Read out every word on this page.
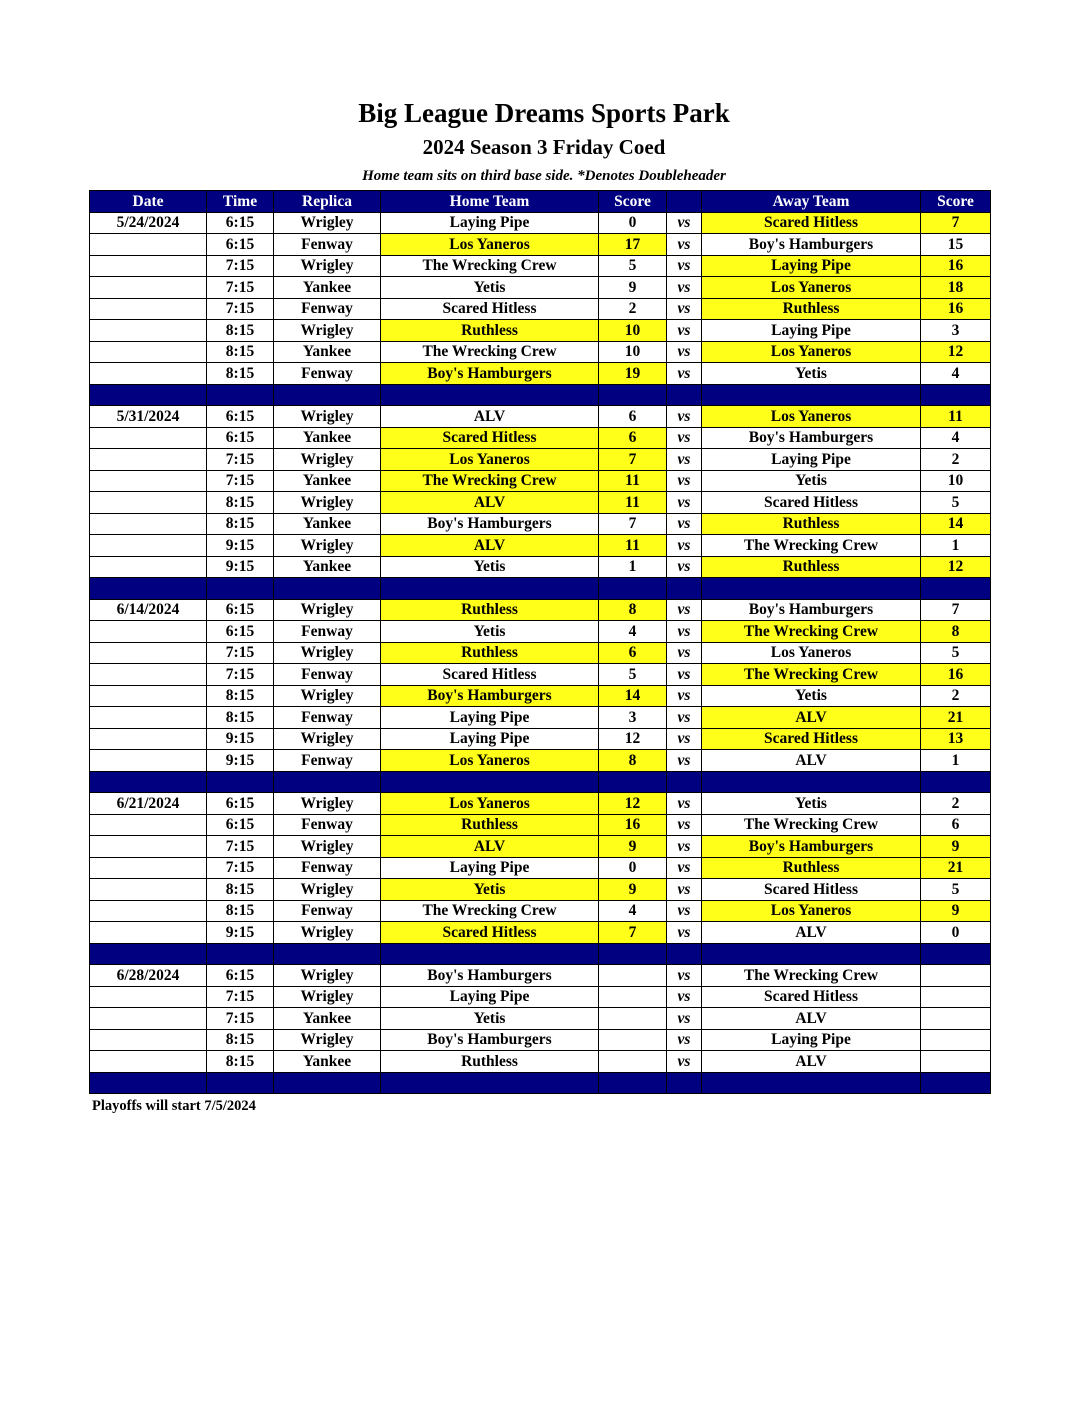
Big League Dreams Sports Park
2024 Season 3 Friday Coed
Home team sits on third base side. *Denotes Doubleheader
Date	Time	Replica	Home Team	Score		Away Team	Score
5/24/2024	6:15	Wrigley	Laying Pipe	0	vs	Scared Hitless	7
	6:15	Fenway	Los Yaneros	17	vs	Boy's Hamburgers	15
	7:15	Wrigley	The Wrecking Crew	5	vs	Laying Pipe	16
	7:15	Yankee	Yetis	9	vs	Los Yaneros	18
	7:15	Fenway	Scared Hitless	2	vs	Ruthless	16
	8:15	Wrigley	Ruthless	10	vs	Laying Pipe	3
	8:15	Yankee	The Wrecking Crew	10	vs	Los Yaneros	12
	8:15	Fenway	Boy's Hamburgers	19	vs	Yetis	4

5/31/2024	6:15	Wrigley	ALV	6	vs	Los Yaneros	11
	6:15	Yankee	Scared Hitless	6	vs	Boy's Hamburgers	4
	7:15	Wrigley	Los Yaneros	7	vs	Laying Pipe	2
	7:15	Yankee	The Wrecking Crew	11	vs	Yetis	10
	8:15	Wrigley	ALV	11	vs	Scared Hitless	5
	8:15	Yankee	Boy's Hamburgers	7	vs	Ruthless	14
	9:15	Wrigley	ALV	11	vs	The Wrecking Crew	1
	9:15	Yankee	Yetis	1	vs	Ruthless	12

6/14/2024	6:15	Wrigley	Ruthless	8	vs	Boy's Hamburgers	7
	6:15	Fenway	Yetis	4	vs	The Wrecking Crew	8
	7:15	Wrigley	Ruthless	6	vs	Los Yaneros	5
	7:15	Fenway	Scared Hitless	5	vs	The Wrecking Crew	16
	8:15	Wrigley	Boy's Hamburgers	14	vs	Yetis	2
	8:15	Fenway	Laying Pipe	3	vs	ALV	21
	9:15	Wrigley	Laying Pipe	12	vs	Scared Hitless	13
	9:15	Fenway	Los Yaneros	8	vs	ALV	1

6/21/2024	6:15	Wrigley	Los Yaneros	12	vs	Yetis	2
	6:15	Fenway	Ruthless	16	vs	The Wrecking Crew	6
	7:15	Wrigley	ALV	9	vs	Boy's Hamburgers	9
	7:15	Fenway	Laying Pipe	0	vs	Ruthless	21
	8:15	Wrigley	Yetis	9	vs	Scared Hitless	5
	8:15	Fenway	The Wrecking Crew	4	vs	Los Yaneros	9
	9:15	Wrigley	Scared Hitless	7	vs	ALV	0

6/28/2024	6:15	Wrigley	Boy's Hamburgers		vs	The Wrecking Crew	
	7:15	Wrigley	Laying Pipe		vs	Scared Hitless	
	7:15	Yankee	Yetis		vs	ALV	
	8:15	Wrigley	Boy's Hamburgers		vs	Laying Pipe	
	8:15	Yankee	Ruthless		vs	ALV	

Playoffs will start 7/5/2024
